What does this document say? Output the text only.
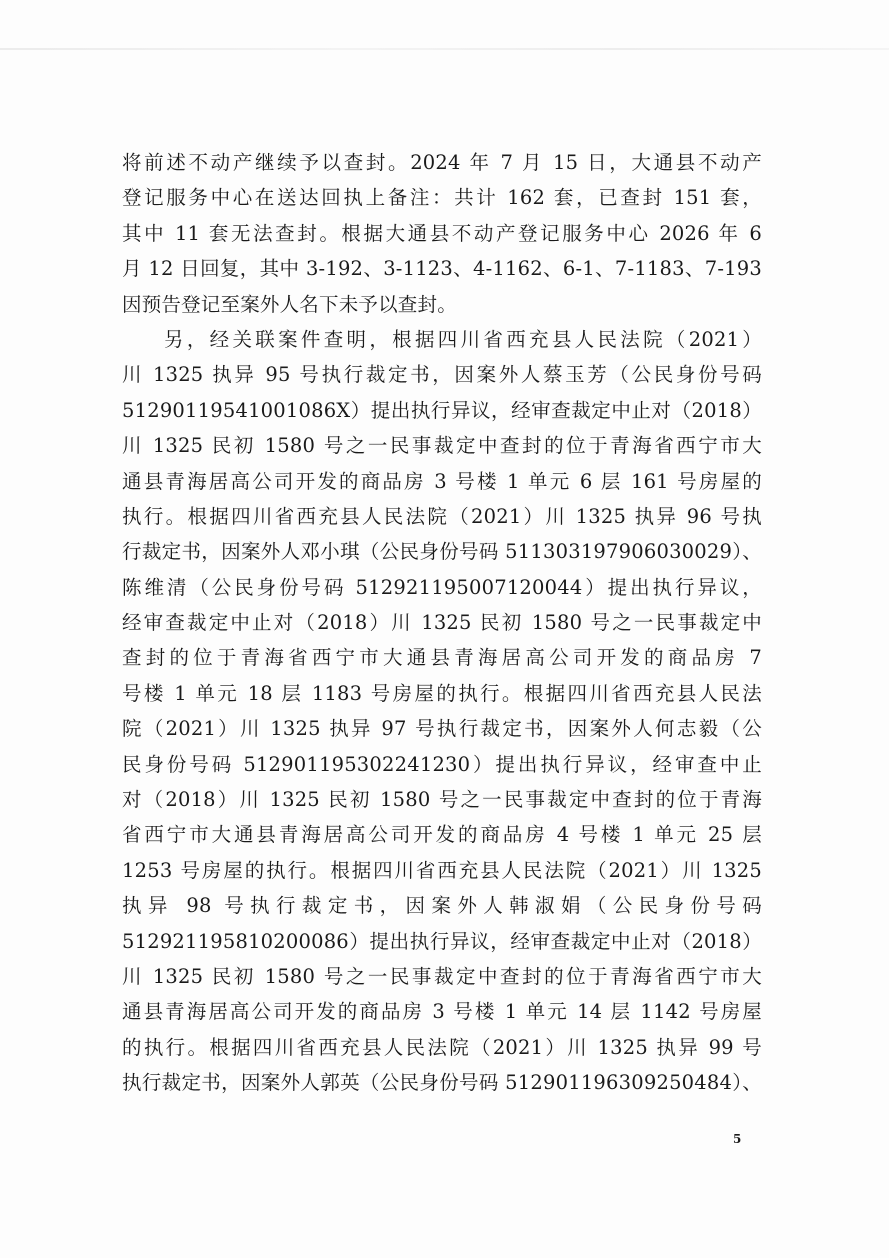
将前述不动产继续予以查封。2024 年 7 月 15 日，大通县不动产
登记服务中心在送达回执上备注：共计 162 套，已查封 151 套，
其中 11 套无法查封。根据大通县不动产登记服务中心 2026 年 6
月 12 日回复，其中 3-192、3-1123、4-1162、6-1、7-1183、7-193
因预告登记至案外人名下未予以查封。
另，经关联案件查明，根据四川省西充县人民法院（2021）
川 1325 执异 95 号执行裁定书，因案外人蔡玉芳（公民身份号码
51290119541001086X）提出执行异议，经审查裁定中止对（2018）
川 1325 民初 1580 号之一民事裁定中查封的位于青海省西宁市大
通县青海居高公司开发的商品房 3 号楼 1 单元 6 层 161 号房屋的
执行。根据四川省西充县人民法院（2021）川 1325 执异 96 号执
行裁定书，因案外人邓小琪（公民身份号码 511303197906030029）、
陈维清（公民身份号码 512921195007120044）提出执行异议，
经审查裁定中止对（2018）川 1325 民初 1580 号之一民事裁定中
查封的位于青海省西宁市大通县青海居高公司开发的商品房 7
号楼 1 单元 18 层 1183 号房屋的执行。根据四川省西充县人民法
院（2021）川 1325 执异 97 号执行裁定书，因案外人何志毅（公
民身份号码 512901195302241230）提出执行异议，经审查中止
对（2018）川 1325 民初 1580 号之一民事裁定中查封的位于青海
省西宁市大通县青海居高公司开发的商品房 4 号楼 1 单元 25 层
1253 号房屋的执行。根据四川省西充县人民法院（2021）川 1325
执异 98 号执行裁定书，因案外人韩淑娟（公民身份号码
512921195810200086）提出执行异议，经审查裁定中止对（2018）
川 1325 民初 1580 号之一民事裁定中查封的位于青海省西宁市大
通县青海居高公司开发的商品房 3 号楼 1 单元 14 层 1142 号房屋
的执行。根据四川省西充县人民法院（2021）川 1325 执异 99 号
执行裁定书，因案外人郭英（公民身份号码 512901196309250484）、
5
